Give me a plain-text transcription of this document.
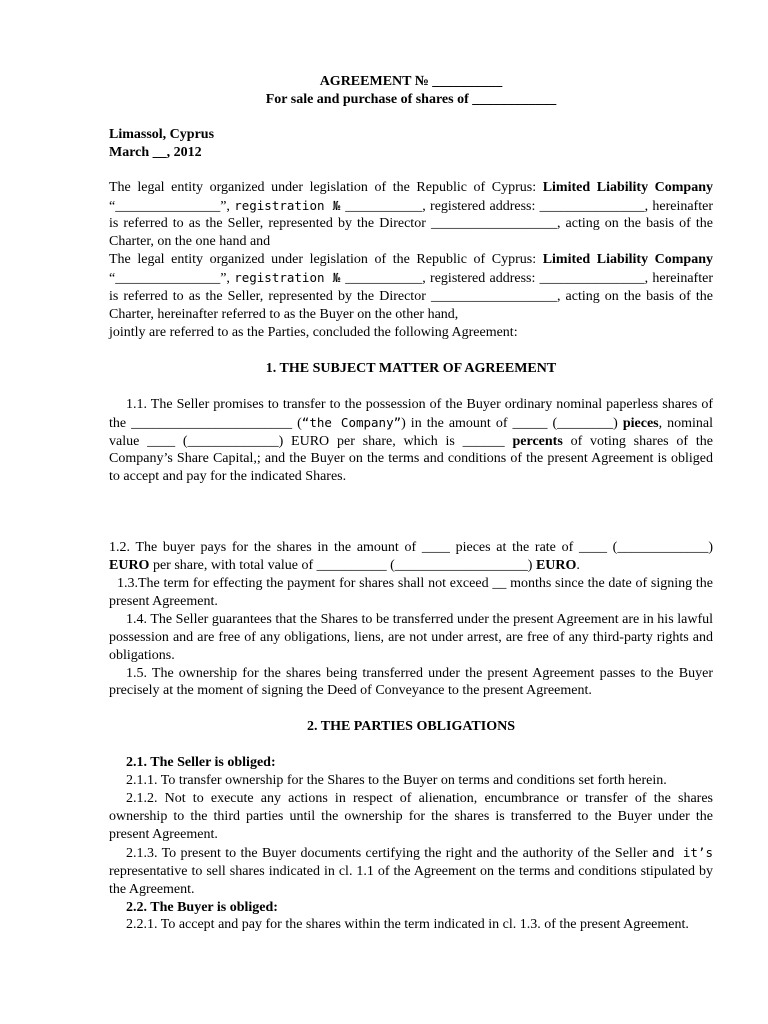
AGREEMENT № __________
For sale and purchase of shares of ____________
Limassol, Cyprus
March __, 2012

The legal entity organized under legislation of the Republic of Cyprus: Limited Liability Company “_______________”, registration № ___________, registered address: _______________, hereinafter is referred to as the Seller, represented by the Director __________________, acting on the basis of the Charter, on the one hand and

The legal entity organized under legislation of the Republic of Cyprus: Limited Liability Company “_______________”, registration № ___________, registered address: _______________, hereinafter is referred to as the Seller, represented by the Director __________________, acting on the basis of the Charter, hereinafter referred to as the Buyer on the other hand,

jointly are referred to as the Parties, concluded the following Agreement:

1. THE SUBJECT MATTER OF AGREEMENT

1.1. The Seller promises to transfer to the possession of the Buyer ordinary nominal paperless shares of the _______________________ (“the Company”) in the amount of _____ (________) pieces, nominal value ____ (_____________) EURO per share, which is ______ percents of voting shares of the Company’s Share Capital,; and the Buyer on the terms and conditions of the present Agreement is obliged to accept and pay for the indicated Shares.

1.2. The buyer pays for the shares in the amount of ____ pieces at the rate of ____ (_____________) EURO per share, with total value of __________ (___________________) EURO.

1.3.The term for effecting the payment for shares shall not exceed __ months since the date of signing the present Agreement.

1.4. The Seller guarantees that the Shares to be transferred under the present Agreement are in his lawful possession and are free of any obligations, liens, are not under arrest, are free of any third-party rights and obligations.

1.5. The ownership for the shares being transferred under the present Agreement passes to the Buyer precisely at the moment of signing the Deed of Conveyance to the present Agreement.

2. THE PARTIES OBLIGATIONS

2.1. The Seller is obliged:

2.1.1. To transfer ownership for the Shares to the Buyer on terms and conditions set forth herein.

2.1.2. Not to execute any actions in respect of alienation, encumbrance or transfer of the shares ownership to the third parties until the ownership for the shares is transferred to the Buyer under the present Agreement.

2.1.3. To present to the Buyer documents certifying the right and the authority of the Seller and it’s representative to sell shares indicated in cl. 1.1 of the Agreement on the terms and conditions stipulated by the Agreement.

2.2. The Buyer is obliged:

2.2.1. To accept and pay for the shares within the term indicated in cl. 1.3. of the present Agreement.
